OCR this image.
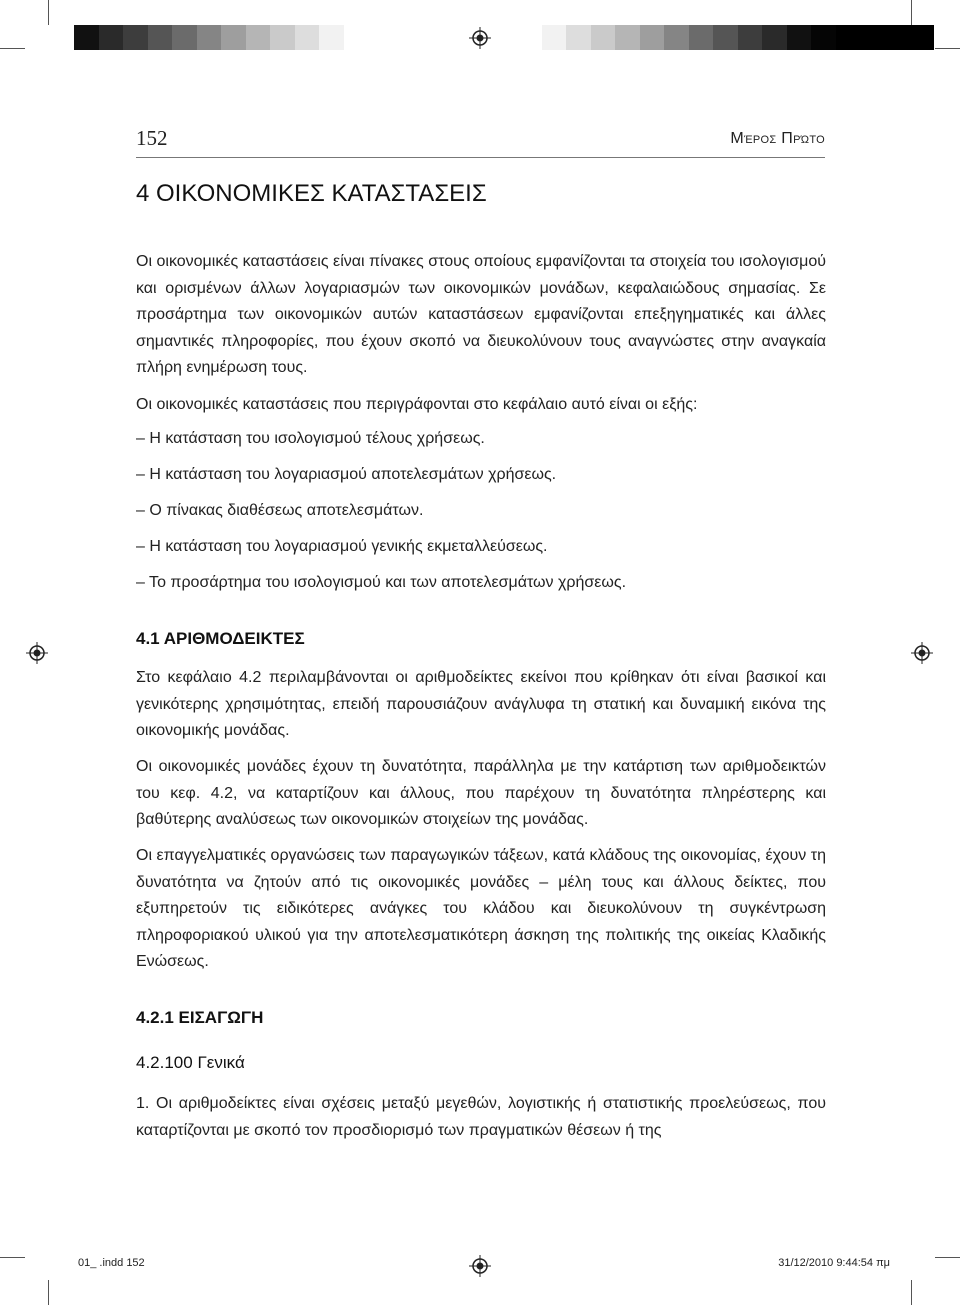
152	Μέρος Πρώτο
4 ΟΙΚΟΝΟΜΙΚΕΣ ΚΑΤΑΣΤΑΣΕΙΣ

Οι οικονομικές καταστάσεις είναι πίνακες στους οποίους εμφανίζονται τα στοιχεία του ισολογισμού και ορισμένων άλλων λογαριασμών των οικονομικών μονάδων, κεφαλαιώδους σημασίας. Σε προσάρτημα των οικονομικών αυτών καταστάσεων εμφανίζονται επεξηγηματικές και άλλες σημαντικές πληροφορίες, που έχουν σκοπό να διευκολύνουν τους αναγνώστες στην αναγκαία πλήρη ενημέρωση τους.

Οι οικονομικές καταστάσεις που περιγράφονται στο κεφάλαιο αυτό είναι οι εξής:

– Η κατάσταση του ισολογισμού τέλους χρήσεως.

– Η κατάσταση του λογαριασμού αποτελεσμάτων χρήσεως.

– Ο πίνακας διαθέσεως αποτελεσμάτων.

– Η κατάσταση του λογαριασμού γενικής εκμεταλλεύσεως.

– Το προσάρτημα του ισολογισμού και των αποτελεσμάτων χρήσεως.

4.1 ΑΡΙΘΜΟΔΕΙΚΤΕΣ

Στο κεφάλαιο 4.2 περιλαμβάνονται οι αριθμοδείκτες εκείνοι που κρίθηκαν ότι είναι βασικοί και γενικότερης χρησιμότητας, επειδή παρουσιάζουν ανάγλυφα τη στατική και δυναμική εικόνα της οικονομικής μονάδας.

Οι οικονομικές μονάδες έχουν τη δυνατότητα, παράλληλα με την κατάρτιση των αριθμοδεικτών του κεφ. 4.2, να καταρτίζουν και άλλους, που παρέχουν τη δυνατότητα πληρέστερης και βαθύτερης αναλύσεως των οικονομικών στοιχείων της μονάδας.

Οι επαγγελματικές οργανώσεις των παραγωγικών τάξεων, κατά κλάδους της οικονομίας, έχουν τη δυνατότητα να ζητούν από τις οικονομικές μονάδες – μέλη τους και άλλους δείκτες, που εξυπηρετούν τις ειδικότερες ανάγκες του κλάδου και διευκολύνουν τη συγκέντρωση πληροφοριακού υλικού για την αποτελεσματικότερη άσκηση της πολιτικής της οικείας Κλαδικής Ενώσεως.

4.2.1 ΕΙΣΑΓΩΓΗ
4.2.100 Γενικά

1. Οι αριθμοδείκτες είναι σχέσεις μεταξύ μεγεθών, λογιστικής ή στατιστικής προελεύσεως, που καταρτίζονται με σκοπό τον προσδιορισμό των πραγματικών θέσεων ή της

01_ .indd 152	31/12/2010 9:44:54 πμ
